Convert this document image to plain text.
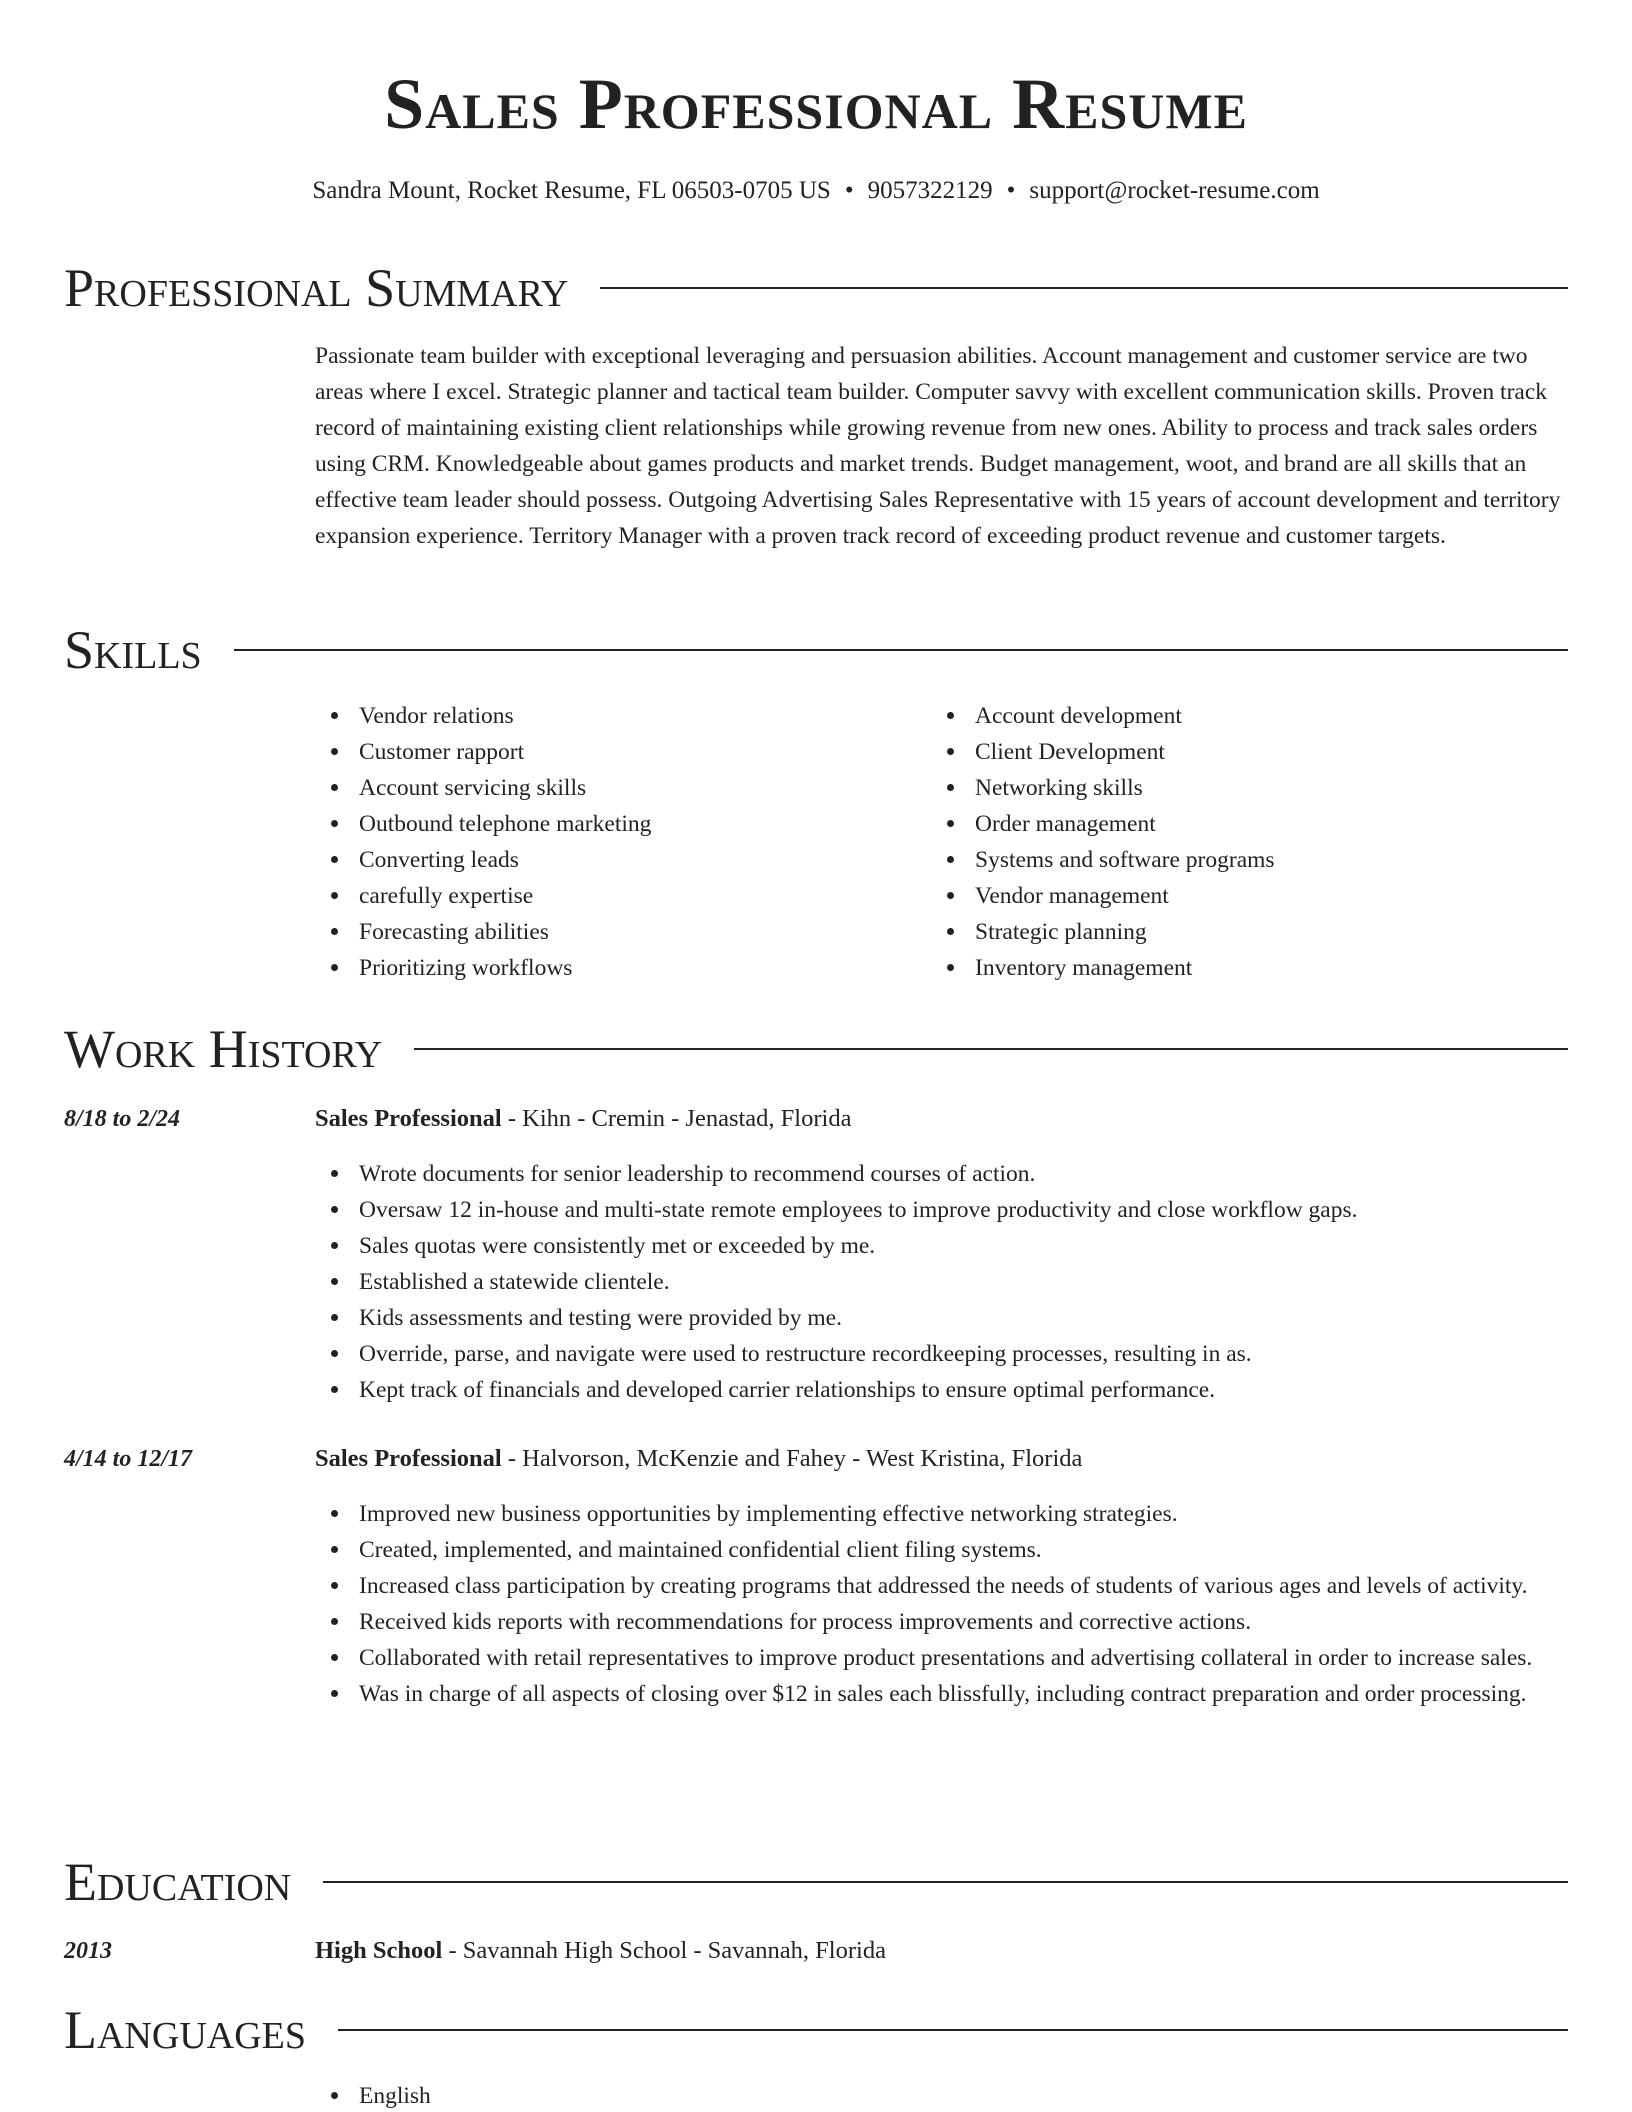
Sales Professional Resume
Sandra Mount, Rocket Resume, FL 06503-0705 US • 9057322129 • support@rocket-resume.com
Professional Summary

Passionate team builder with exceptional leveraging and persuasion abilities. Account management and customer service are two areas where I excel. Strategic planner and tactical team builder. Computer savvy with excellent communication skills. Proven track record of maintaining existing client relationships while growing revenue from new ones. Ability to process and track sales orders using CRM. Knowledgeable about games products and market trends. Budget management, woot, and brand are all skills that an effective team leader should possess. Outgoing Advertising Sales Representative with 15 years of account development and territory expansion experience. Territory Manager with a proven track record of exceeding product revenue and customer targets.

Skills
Vendor relations
Customer rapport
Account servicing skills
Outbound telephone marketing
Converting leads
carefully expertise
Forecasting abilities
Prioritizing workflows
Account development
Client Development
Networking skills
Order management
Systems and software programs
Vendor management
Strategic planning
Inventory management
Work History
8/18 to 2/24	Sales Professional - Kihn - Cremin - Jenastad, Florida
Wrote documents for senior leadership to recommend courses of action.
Oversaw 12 in-house and multi-state remote employees to improve productivity and close workflow gaps.
Sales quotas were consistently met or exceeded by me.
Established a statewide clientele.
Kids assessments and testing were provided by me.
Override, parse, and navigate were used to restructure recordkeeping processes, resulting in as.
Kept track of financials and developed carrier relationships to ensure optimal performance.
4/14 to 12/17	Sales Professional - Halvorson, McKenzie and Fahey - West Kristina, Florida
Improved new business opportunities by implementing effective networking strategies.
Created, implemented, and maintained confidential client filing systems.
Increased class participation by creating programs that addressed the needs of students of various ages and levels of activity.
Received kids reports with recommendations for process improvements and corrective actions.
Collaborated with retail representatives to improve product presentations and advertising collateral in order to increase sales.
Was in charge of all aspects of closing over $12 in sales each blissfully, including contract preparation and order processing.
Education
2013	High School - Savannah High School - Savannah, Florida
Languages
English
